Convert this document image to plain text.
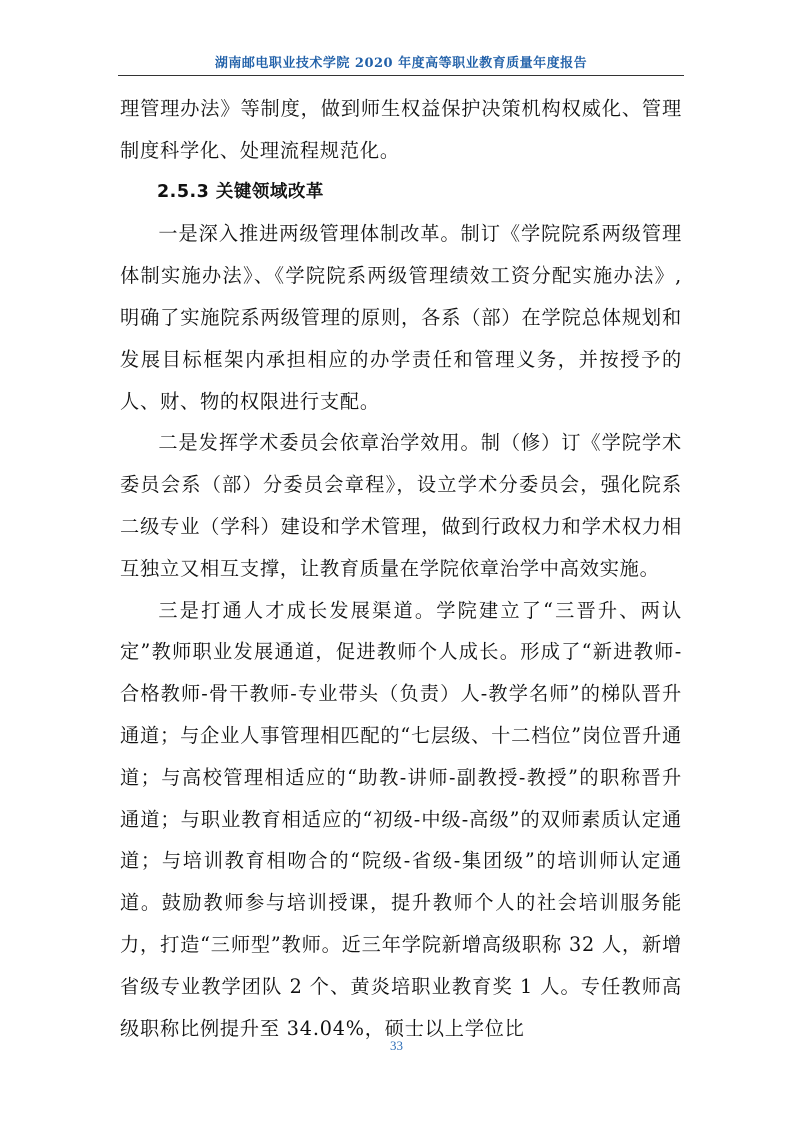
湖南邮电职业技术学院 2020 年度高等职业教育质量年度报告

理管理办法》等制度，做到师生权益保护决策机构权威化、管理制度科学化、处理流程规范化。

2.5.3 关键领域改革

一是深入推进两级管理体制改革。制订《学院院系两级管理体制实施办法》、《学院院系两级管理绩效工资分配实施办法》,明确了实施院系两级管理的原则，各系（部）在学院总体规划和发展目标框架内承担相应的办学责任和管理义务，并按授予的人、财、物的权限进行支配。

二是发挥学术委员会依章治学效用。制（修）订《学院学术委员会系（部）分委员会章程》，设立学术分委员会，强化院系二级专业（学科）建设和学术管理，做到行政权力和学术权力相互独立又相互支撑，让教育质量在学院依章治学中高效实施。

三是打通人才成长发展渠道。学院建立了“三晋升、两认定”教师职业发展通道，促进教师个人成长。形成了“新进教师-合格教师-骨干教师-专业带头（负责）人-教学名师”的梯队晋升通道；与企业人事管理相匹配的“七层级、十二档位”岗位晋升通道；与高校管理相适应的“助教-讲师-副教授-教授”的职称晋升通道；与职业教育相适应的“初级-中级-高级”的双师素质认定通道；与培训教育相吻合的“院级-省级-集团级”的培训师认定通道。鼓励教师参与培训授课，提升教师个人的社会培训服务能力，打造“三师型”教师。近三年学院新增高级职称 32 人，新增省级专业教学团队 2 个、黄炎培职业教育奖 1 人。专任教师高级职称比例提升至 34.04%，硕士以上学位比

33
